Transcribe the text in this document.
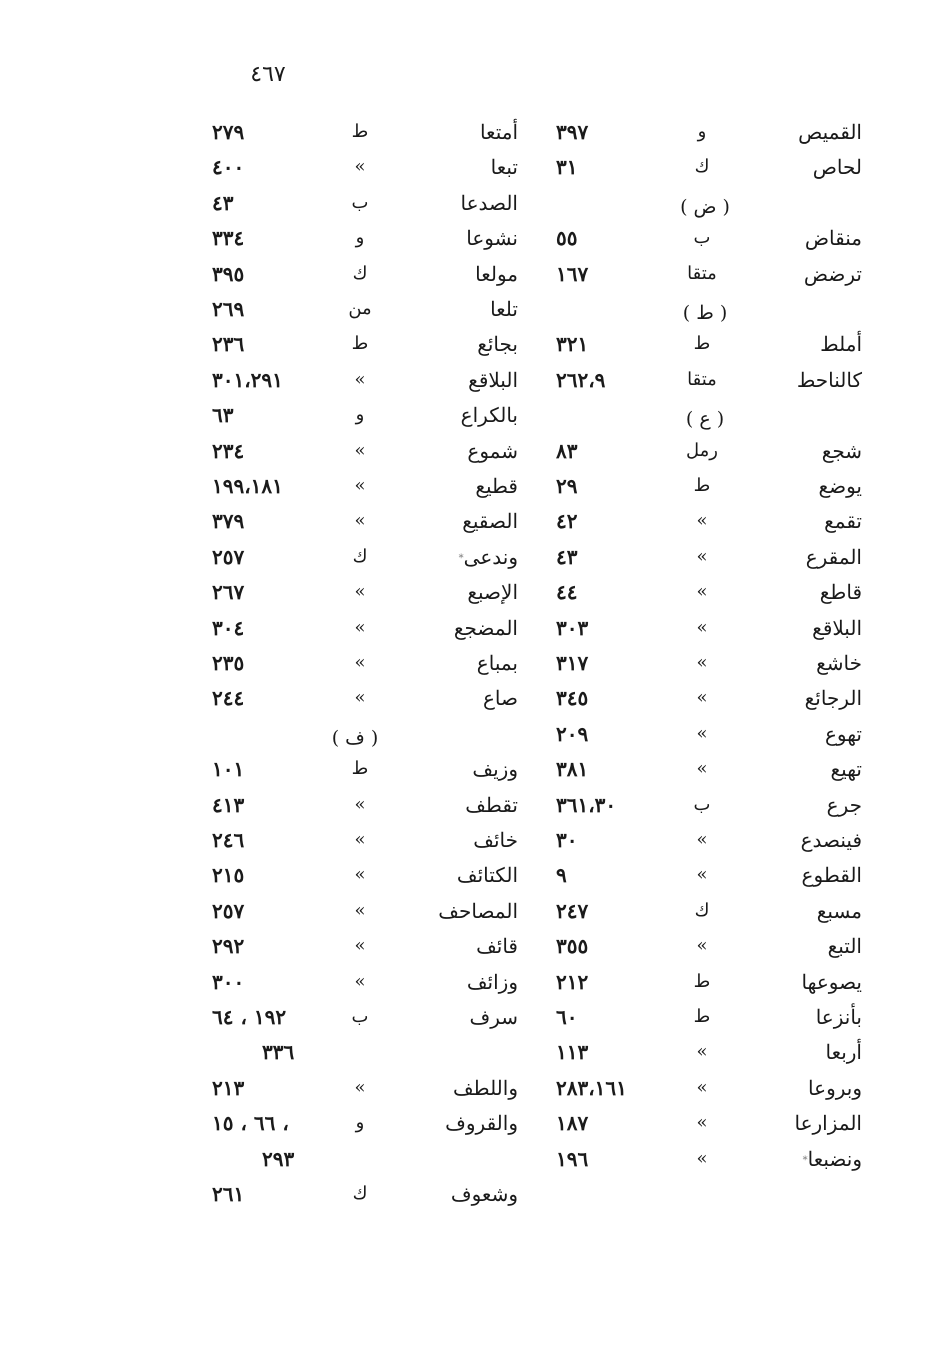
٤٦٧
القميص
و
٣٩٧
لحاص
ك
٣١
( ض )
منقاض
ب
٥٥
ترضض
متقا
١٦٧
( ط )
أملط
ط
٣٢١
كالناحط
متقا
٢٦٢،٩
( ع )
شجع
رمل
٨٣
يوضع
ط
٢٩
تقمع
»
٤٢
المقرع
»
٤٣
قاطع
»
٤٤
البلاقع
»
٣٠٣
خاشع
»
٣١٧
الرجائع
»
٣٤٥
تهوع
»
٢٠٩
تهيع
»
٣٨١
جرع
ب
٣٦١،٣٠
فينصدع
»
٣٠
القطوع
»
٩
مسبع
ك
٢٤٧
التبع
»
٣٥٥
يصوعها
ط
٢١٢
بأنزعا
ط
٦٠
أربعا
»
١١٣
وبروعا
»
٢٨٣،١٦١
المزارعا
»
١٨٧
ونضبعا*
»
١٩٦
أمتعا
ط
٢٧٩
تبعا
»
٤٠٠
الصدعا
ب
٤٣
نشوعا
و
٣٣٤
مولعا
ك
٣٩٥
تلعا
من
٢٦٩
بجائع
ط
٢٣٦
البلاقع
»
٣٠١،٢٩١
بالكراع
و
٦٣
شموع
»
٢٣٤
قطيع
»
١٩٩،١٨١
الصقيع
»
٣٧٩
وندعى*
ك
٢٥٧
الإصبع
»
٢٦٧
المضجع
»
٣٠٤
بمباع
»
٢٣٥
صاع
»
٢٤٤
( ف )
وزيف
ط
١٠١
تقطف
»
٤١٣
خائف
»
٢٤٦
الكتائف
»
٢١٥
المصاحف
»
٢٥٧
قائف
»
٢٩٢
وزائف
»
٣٠٠
سرف
ب
١٩٢ ، ٦٤
٣٣٦
واللطف
»
٢١٣
والقروف
و
٦٦ ، ١٥ ،
٢٩٣
وشعوف
ك
٢٦١
